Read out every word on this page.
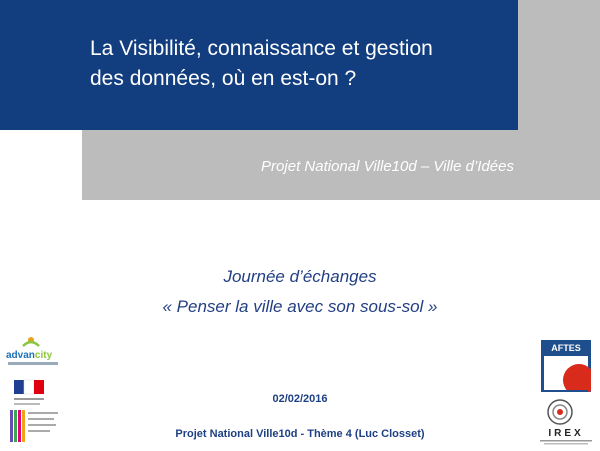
La Visibilité, connaissance et gestion
des données, où en est-on ?
Projet National Ville10d – Ville d’Idées
Journée d’échanges
« Penser la ville avec son sous-sol »
02/02/2016
Projet National Ville10d - Thème 4 (Luc Closset)
advancity
AFTES
IREX
